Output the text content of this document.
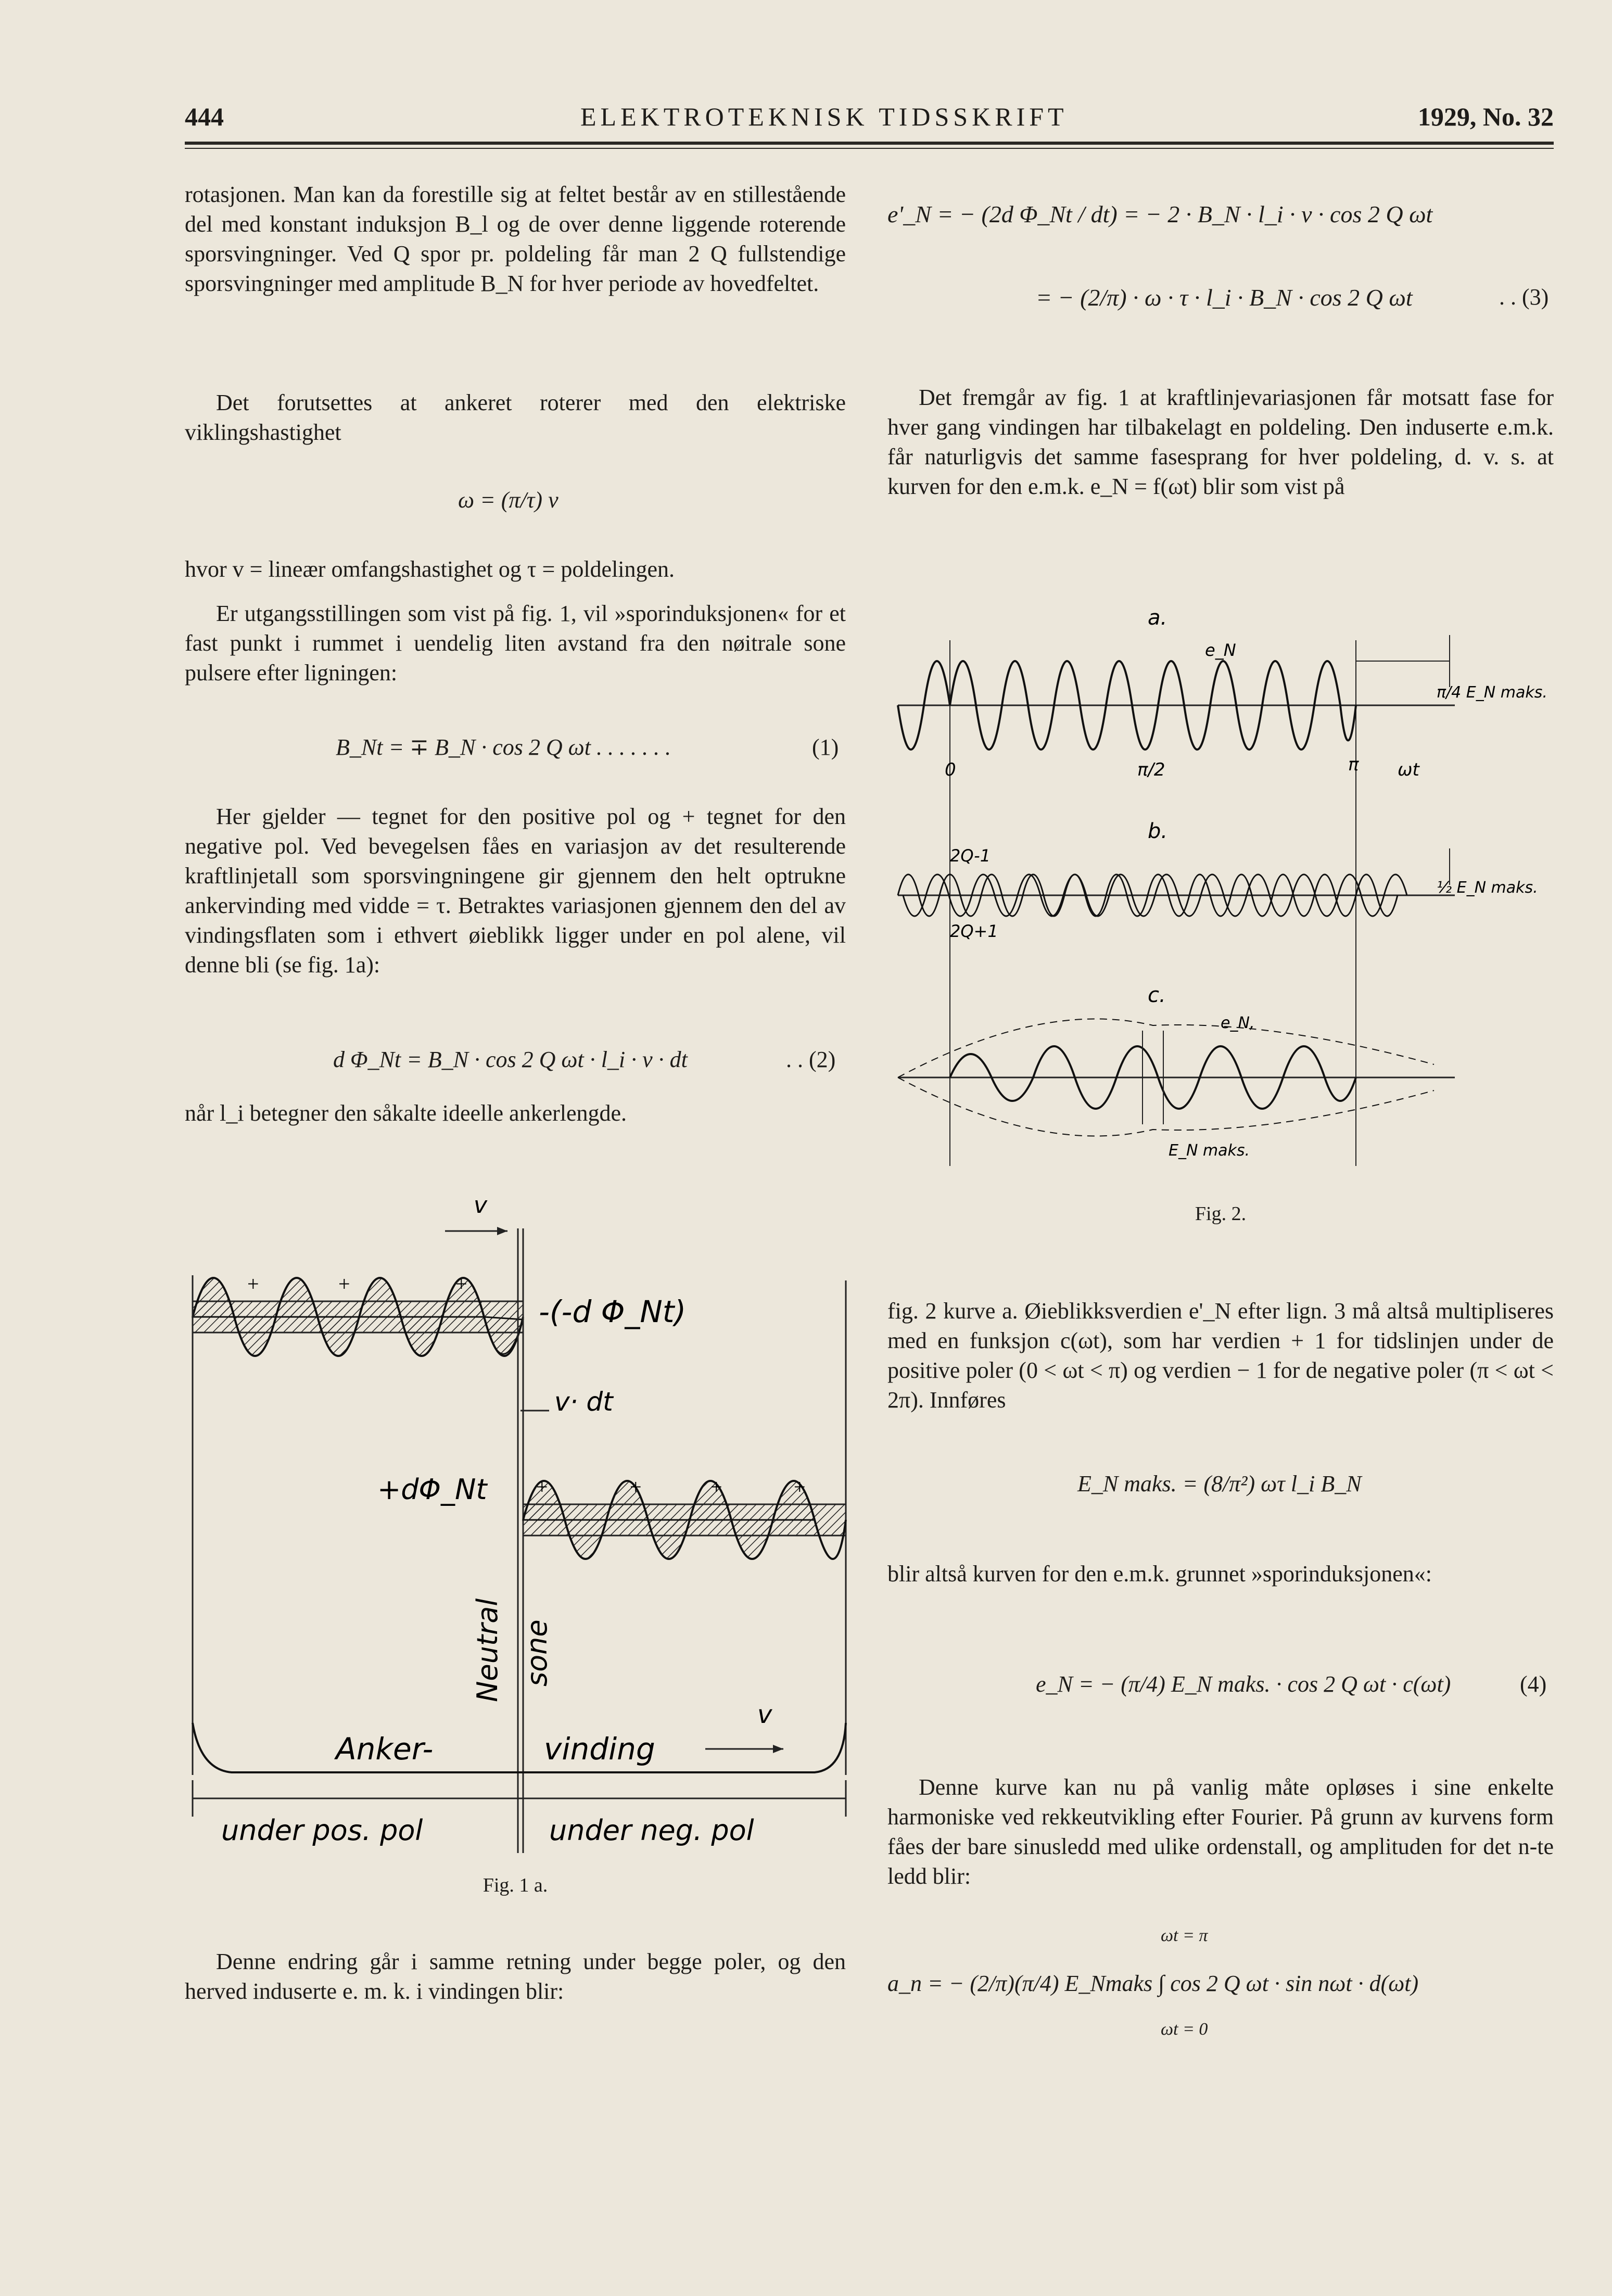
444	ELEKTROTEKNISK TIDSSKRIFT	1929, No. 32

rotasjonen. Man kan da forestille sig at feltet består av en stillestående del med konstant induksjon B_l og de over denne liggende roterende sporsvingninger. Ved Q spor pr. poldeling får man 2 Q fullstendige sporsvingninger med amplitude B_N for hver periode av hovedfeltet.

Det forutsettes at ankeret roterer med den elektriske viklingshastighet

ω = (π/τ) v

hvor v = lineær omfangshastighet og τ = poldelingen.

Er utgangsstillingen som vist på fig. 1, vil »sporinduksjonen« for et fast punkt i rummet i uendelig liten avstand fra den nøitrale sone pulsere efter ligningen:

B_Nt = ∓ B_N · cos 2 Q ωt . . . . . . .	(1)

Her gjelder — tegnet for den positive pol og + tegnet for den negative pol. Ved bevegelsen fåes en variasjon av det resulterende kraftlinjetall som sporsvingningene gir gjennem den helt optrukne ankervinding med vidde = τ. Betraktes variasjonen gjennem den del av vindingsflaten som i ethvert øieblikk ligger under en pol alene, vil denne bli (se fig. 1a):

d Φ_Nt = B_N · cos 2 Q ωt · l_i · v · dt	. . (2)

når l_i betegner den såkalte ideelle ankerlengde.

+	+	+
v
-(-d Φ_Nt)
v· dt
+dΦ_Nt +	+	+	+
Neutral sone
Anker-	vinding
v
under pos. pol	under neg. pol
Fig. 1 a.

Denne endring går i samme retning under begge poler, og den herved induserte e. m. k. i vindingen blir:

e'_N = − (2d Φ_Nt / dt) = − 2 · B_N · l_i · v · cos 2 Q ωt
= − (2/π) · ω · τ · l_i · B_N · cos 2 Q ωt	. . (3)

Det fremgår av fig. 1 at kraftlinjevariasjonen får motsatt fase for hver gang vindingen har tilbakelagt en poldeling. Den induserte e.m.k. får naturligvis det samme fasesprang for hver poldeling, d. v. s. at kurven for den e.m.k. e_N = f(ωt) blir som vist på

a.
e_N
π/4 E_N maks.
0	π/2	π ωt
b.
2Q-1
2Q+1
½ E_N maks.
c.
e_N,
E_N maks.
Fig. 2.

fig. 2 kurve a. Øieblikksverdien e'_N efter lign. 3 må altså multipliseres med en funksjon c(ωt), som har verdien + 1 for tidslinjen under de positive poler (0 < ωt < π) og verdien − 1 for de negative poler (π < ωt < 2π). Innføres

E_N maks. = (8/π²) ωτ l_i B_N

blir altså kurven for den e.m.k. grunnet »sporinduksjonen«:

e_N = − (π/4) E_N maks. · cos 2 Q ωt · c(ωt)	(4)

Denne kurve kan nu på vanlig måte opløses i sine enkelte harmoniske ved rekkeutvikling efter Fourier. På grunn av kurvens form fåes der bare sinusledd med ulike ordenstall, og amplituden for det n-te ledd blir:

ωt = π
a_n = − (2/π)(π/4) E_Nmaks ∫ cos 2 Q ωt · sin nωt · d(ωt)
ωt = 0
